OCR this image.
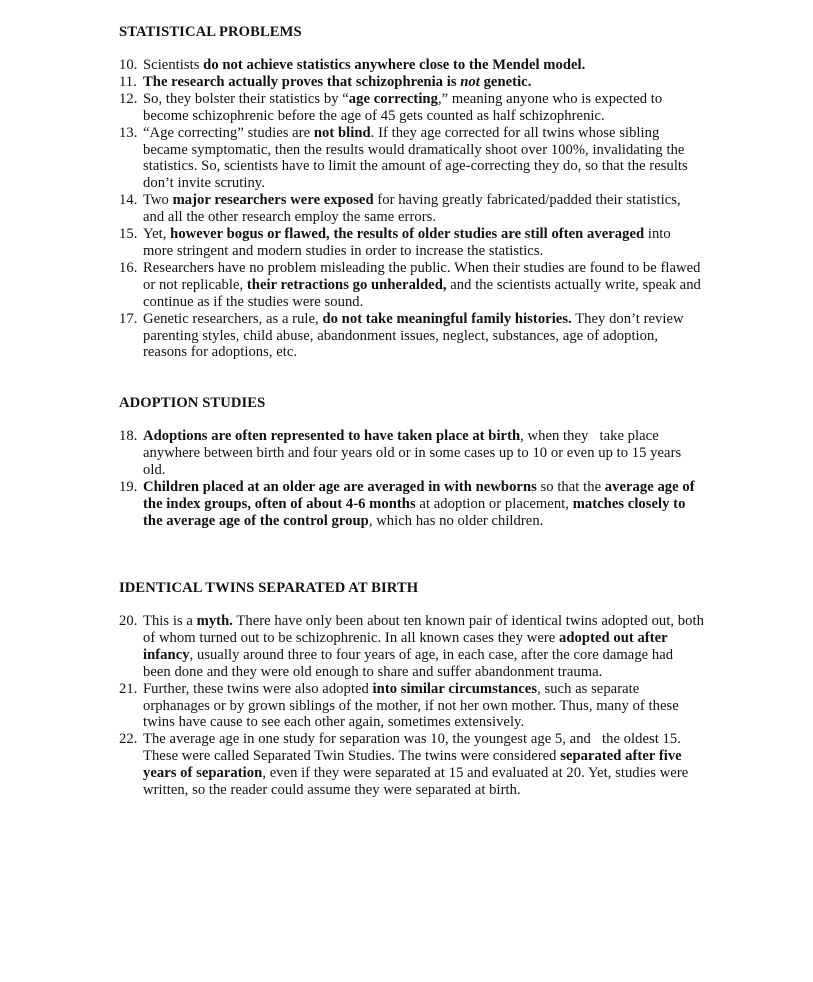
STATISTICAL PROBLEMS
10. Scientists do not achieve statistics anywhere close to the Mendel model.
11. The research actually proves that schizophrenia is not genetic.
12. So, they bolster their statistics by “age correcting,” meaning anyone who is expected to become schizophrenic before the age of 45 gets counted as half schizophrenic.
13. “Age correcting” studies are not blind. If they age corrected for all twins whose sibling became symptomatic, then the results would dramatically shoot over 100%, invalidating the statistics. So, scientists have to limit the amount of age-correcting they do, so that the results don’t invite scrutiny.
14. Two major researchers were exposed for having greatly fabricated/padded their statistics, and all the other research employ the same errors.
15. Yet, however bogus or flawed, the results of older studies are still often averaged into more stringent and modern studies in order to increase the statistics.
16. Researchers have no problem misleading the public. When their studies are found to be flawed or not replicable, their retractions go unheralded, and the scientists actually write, speak and continue as if the studies were sound.
17. Genetic researchers, as a rule, do not take meaningful family histories. They don’t review parenting styles, child abuse, abandonment issues, neglect, substances, age of adoption, reasons for adoptions, etc.
ADOPTION STUDIES
18. Adoptions are often represented to have taken place at birth, when they   take place anywhere between birth and four years old or in some cases up to 10 or even up to 15 years old.
19. Children placed at an older age are averaged in with newborns so that the average age of the index groups, often of about 4-6 months at adoption or placement, matches closely to the average age of the control group, which has no older children.
IDENTICAL TWINS SEPARATED AT BIRTH
20. This is a myth. There have only been about ten known pair of identical twins adopted out, both of whom turned out to be schizophrenic. In all known cases they were adopted out after infancy, usually around three to four years of age, in each case, after the core damage had been done and they were old enough to share and suffer abandonment trauma.
21. Further, these twins were also adopted into similar circumstances, such as separate orphanages or by grown siblings of the mother, if not her own mother. Thus, many of these twins have cause to see each other again, sometimes extensively.
22. The average age in one study for separation was 10, the youngest age 5, and   the oldest 15. These were called Separated Twin Studies. The twins were considered separated after five years of separation, even if they were separated at 15 and evaluated at 20. Yet, studies were written, so the reader could assume they were separated at birth.
